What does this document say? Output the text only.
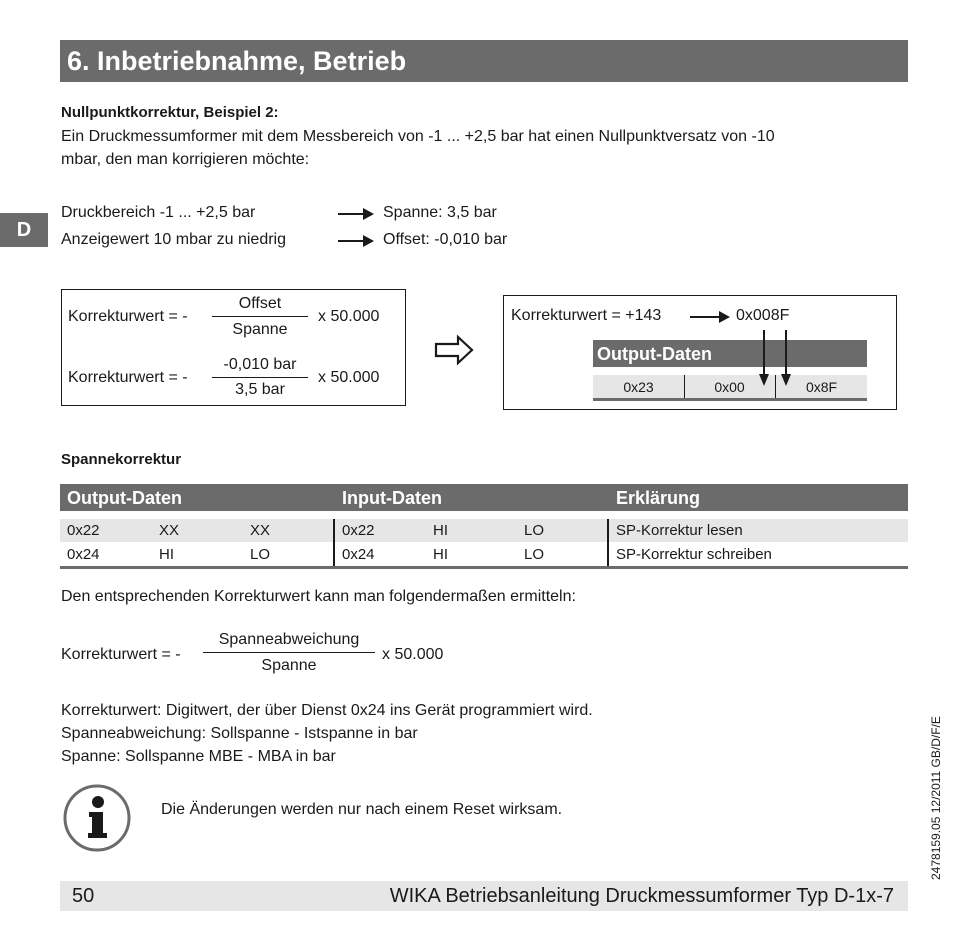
6. Inbetriebnahme, Betrieb
D
Nullpunktkorrektur, Beispiel 2:
Ein Druckmessumformer mit dem Messbereich von -1 ... +2,5 bar hat einen Nullpunktversatz von -10
mbar, den man korrigieren möchte:
Druckbereich -1 ... +2,5 bar	Spanne: 3,5 bar
Anzeigewert 10 mbar zu niedrig	Offset: -0,010 bar
Korrekturwert = -
Offset
Spanne
x 50.000
Korrekturwert = -
-0,010 bar
3,5 bar
x 50.000
Korrekturwert = +143	0x008F
Output-Daten
0x23	0x00	0x8F
Spannekorrektur
Output-Daten	Input-Daten	Erklärung
0x22	XX	XX	0x22	HI	LO	SP-Korrektur lesen
0x24	HI	LO	0x24	HI	LO	SP-Korrektur schreiben
Den entsprechenden Korrekturwert kann man folgendermaßen ermitteln:
Korrekturwert = -
Spanneabweichung
Spanne
x 50.000
Korrekturwert: Digitwert, der über Dienst 0x24 ins Gerät programmiert wird.
Spanneabweichung: Sollspanne - Istspanne in bar
Spanne: Sollspanne MBE - MBA in bar
Die Änderungen werden nur nach einem Reset wirksam.	2478159.05 12/2011 GB/D/F/E
50	WIKA Betriebsanleitung Druckmessumformer Typ D-1x-7
